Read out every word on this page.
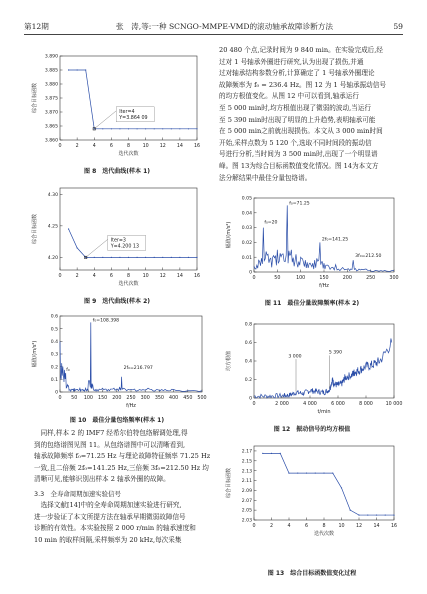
第12期	张　涛,等:一种 SCNGO-MMPE-VMD的滚动轴承故障诊断方法	59
0	2	4	6	8	10 12 14 16
3.860
3.865
3.870
3.875
3.880
3.885
3.890
迭代次数
综合目标函数	Iter=4
Y=3.864 09
图 8　迭代曲线(样本 1)
0	2	4	6	8	10 12 14 16
4.20
4.25
4.30
迭代次数
综合目标函数	Iter=3
Y=4.200 13
图 9　迭代曲线(样本 2)
0 50 100 150 200 250 300 350 400 450 500
0
0.1
0.2
0.3
0.4
0.5
0.6
f/Hz
幅值/(m/s²)
f₀=108.398
2f₀=216.797
f₀
图 10　最佳分量包络频率(样本 1)
　同样,样本 2 的 IMF7 经希尔伯特包络解调处理,得
到的包络谱图见图 11。从包络谱图中可以清晰看到,
轴承故障频率 f₀=71.25 Hz 与理论故障特征频率 71.25 Hz
一致,且二倍频 2f₀=141.25 Hz,三倍频 3f₀=212.50 Hz 均
清晰可见,能够识别出样本 2 轴承外圈的故障。
3.3　全寿命周期加速实验信号
　选择文献[14]中的全寿命周期加速实验进行研究,
进一步验证了本文所提方法在轴承早期微弱故障信号
诊断的有效性。本实验按照 2 000 r/min 的轴承速度和
10 min 的取样间隔,采样频率为 20 kHz,每次采集
20 480 个点,记录时间为 9 840 min。在实验完成后,经
过对 1 号轴承外圈进行研究,认为出现了损伤,并通
过对轴承结构参数分析,计算确定了 1 号轴承外圈理论
故障频率为 f₀ = 236.4 Hz。图 12 为 1 号轴承振动信号
的均方根值变化。从图 12 中可以看到,轴承运行
至 5 000 min时,均方根值出现了微弱的波动,当运行
至 5 390 min时出现了明显的上升趋势,表明轴承可能
在 5 000 min之前就出现损伤。本文从 3 000 min时间
开始,采样点数为 5 120 个,选取不同时间段的振动信
号进行分析,当时间为 3 500 min时,出现了一个明显谱
峰。图 13为综合目标函数值变化情况。图 14为本文方
法分解结果中最佳分量包络谱。
0	50	100	150	200	250	300
0
0.01
0.02
0.03
0.04
0.05
f/Hz
幅值/(m/s²)	f₀=20
f₀=71.25
2f₀=141.25
3f₀=212.50
图 11　最佳分量故障频率(样本 2)
0	2 000	4 000	6 000	8 000	10 000
0
0.2
0.4
0.6
0.8
t/min
均方根值	3 000
5 390
图 12　振动信号的均方根值
0	2	4	6	8	10 12 14 16
2.03
2.05
2.07
2.09
2.11
2.13
2.15
2.17
迭代次数
综合目标函数
图 13　综合目标函数值变化过程
